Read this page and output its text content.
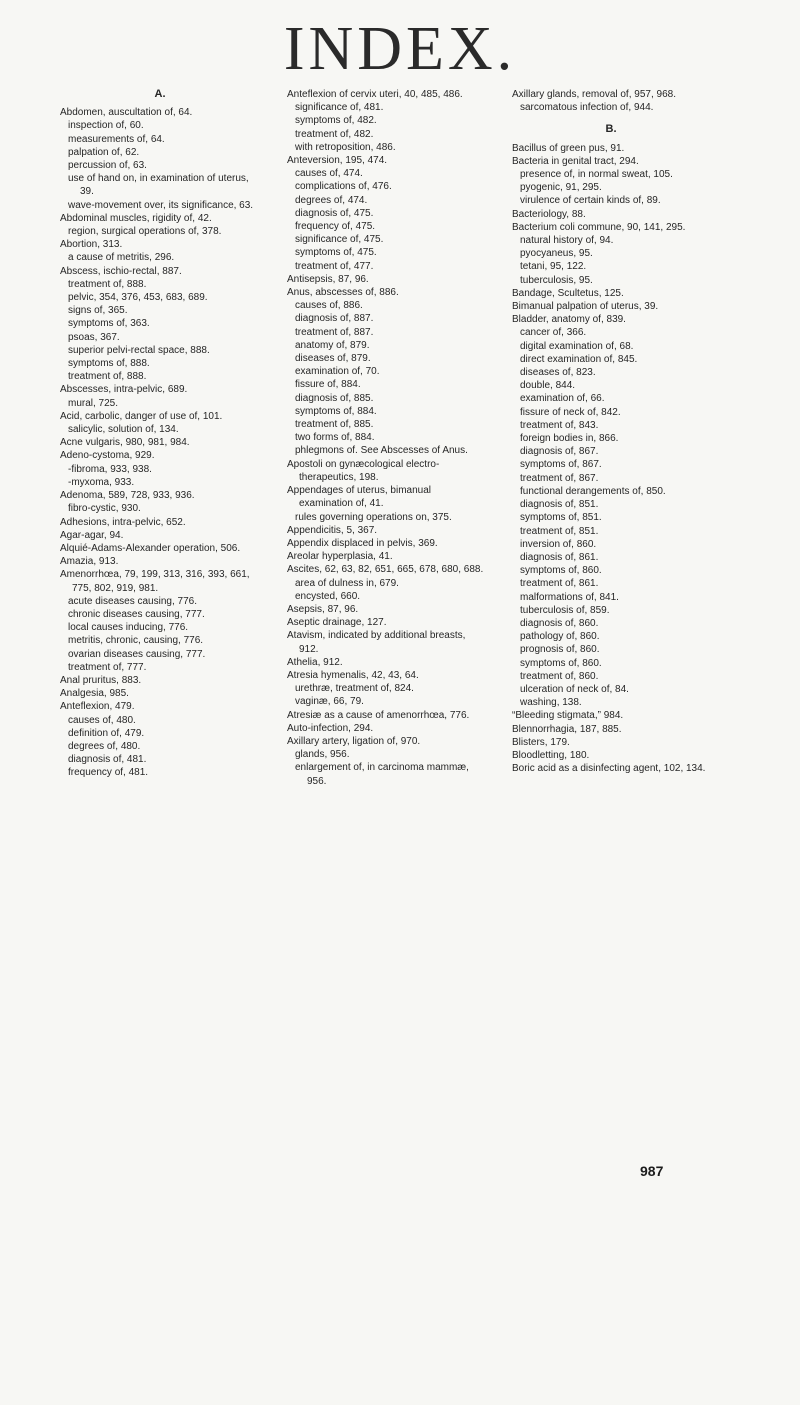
INDEX.
A.

Abdomen, auscultation of, 64.

inspection of, 60.

measurements of, 64.

palpation of, 62.

percussion of, 63.

use of hand on, in examination of uterus, 39.

wave-movement over, its significance, 63.

Abdominal muscles, rigidity of, 42.

region, surgical operations of, 378.

Abortion, 313.

a cause of metritis, 296.

Abscess, ischio-rectal, 887.

treatment of, 888.

pelvic, 354, 376, 453, 683, 689.

signs of, 365.

symptoms of, 363.

psoas, 367.

superior pelvi-rectal space, 888.

symptoms of, 888.

treatment of, 888.

Abscesses, intra-pelvic, 689.

mural, 725.

Acid, carbolic, danger of use of, 101.

salicylic, solution of, 134.

Acne vulgaris, 980, 981, 984.

Adeno-cystoma, 929.

-fibroma, 933, 938.

-myxoma, 933.

Adenoma, 589, 728, 933, 936.

fibro-cystic, 930.

Adhesions, intra-pelvic, 652.

Agar-agar, 94.

Alquié-Adams-Alexander operation, 506.

Amazia, 913.

Amenorrhœa, 79, 199, 313, 316, 393, 661, 775, 802, 919, 981.

acute diseases causing, 776.

chronic diseases causing, 777.

local causes inducing, 776.

metritis, chronic, causing, 776.

ovarian diseases causing, 777.

treatment of, 777.

Anal pruritus, 883.

Analgesia, 985.

Anteflexion, 479.

causes of, 480.

definition of, 479.

degrees of, 480.

diagnosis of, 481.

frequency of, 481.

Anteflexion of cervix uteri, 40, 485, 486.

significance of, 481.

symptoms of, 482.

treatment of, 482.

with retroposition, 486.

Anteversion, 195, 474.

causes of, 474.

complications of, 476.

degrees of, 474.

diagnosis of, 475.

frequency of, 475.

significance of, 475.

symptoms of, 475.

treatment of, 477.

Antisepsis, 87, 96.

Anus, abscesses of, 886.

causes of, 886.

diagnosis of, 887.

treatment of, 887.

anatomy of, 879.

diseases of, 879.

examination of, 70.

fissure of, 884.

diagnosis of, 885.

symptoms of, 884.

treatment of, 885.

two forms of, 884.

phlegmons of. See Abscesses of Anus.

Apostoli on gynæcological electro-therapeutics, 198.

Appendages of uterus, bimanual examination of, 41.

rules governing operations on, 375.

Appendicitis, 5, 367.

Appendix displaced in pelvis, 369.

Areolar hyperplasia, 41.

Ascites, 62, 63, 82, 651, 665, 678, 680, 688.

area of dulness in, 679.

encysted, 660.

Asepsis, 87, 96.

Aseptic drainage, 127.

Atavism, indicated by additional breasts, 912.

Athelia, 912.

Atresia hymenalis, 42, 43, 64.

urethræ, treatment of, 824.

vaginæ, 66, 79.

Atresiæ as a cause of amenorrhœa, 776.

Auto-infection, 294.

Axillary artery, ligation of, 970.

glands, 956.

enlargement of, in carcinoma mammæ, 956.

Axillary glands, removal of, 957, 968.

sarcomatous infection of, 944.

B.

Bacillus of green pus, 91.

Bacteria in genital tract, 294.

presence of, in normal sweat, 105.

pyogenic, 91, 295.

virulence of certain kinds of, 89.

Bacteriology, 88.

Bacterium coli commune, 90, 141, 295.

natural history of, 94.

pyocyaneus, 95.

tetani, 95, 122.

tuberculosis, 95.

Bandage, Scultetus, 125.

Bimanual palpation of uterus, 39.

Bladder, anatomy of, 839.

cancer of, 366.

digital examination of, 68.

direct examination of, 845.

diseases of, 823.

double, 844.

examination of, 66.

fissure of neck of, 842.

treatment of, 843.

foreign bodies in, 866.

diagnosis of, 867.

symptoms of, 867.

treatment of, 867.

functional derangements of, 850.

diagnosis of, 851.

symptoms of, 851.

treatment of, 851.

inversion of, 860.

diagnosis of, 861.

symptoms of, 860.

treatment of, 861.

malformations of, 841.

tuberculosis of, 859.

diagnosis of, 860.

pathology of, 860.

prognosis of, 860.

symptoms of, 860.

treatment of, 860.

ulceration of neck of, 84.

washing, 138.

“Bleeding stigmata,” 984.

Blennorrhagia, 187, 885.

Blisters, 179.

Bloodletting, 180.

Boric acid as a disinfecting agent, 102, 134.

987
